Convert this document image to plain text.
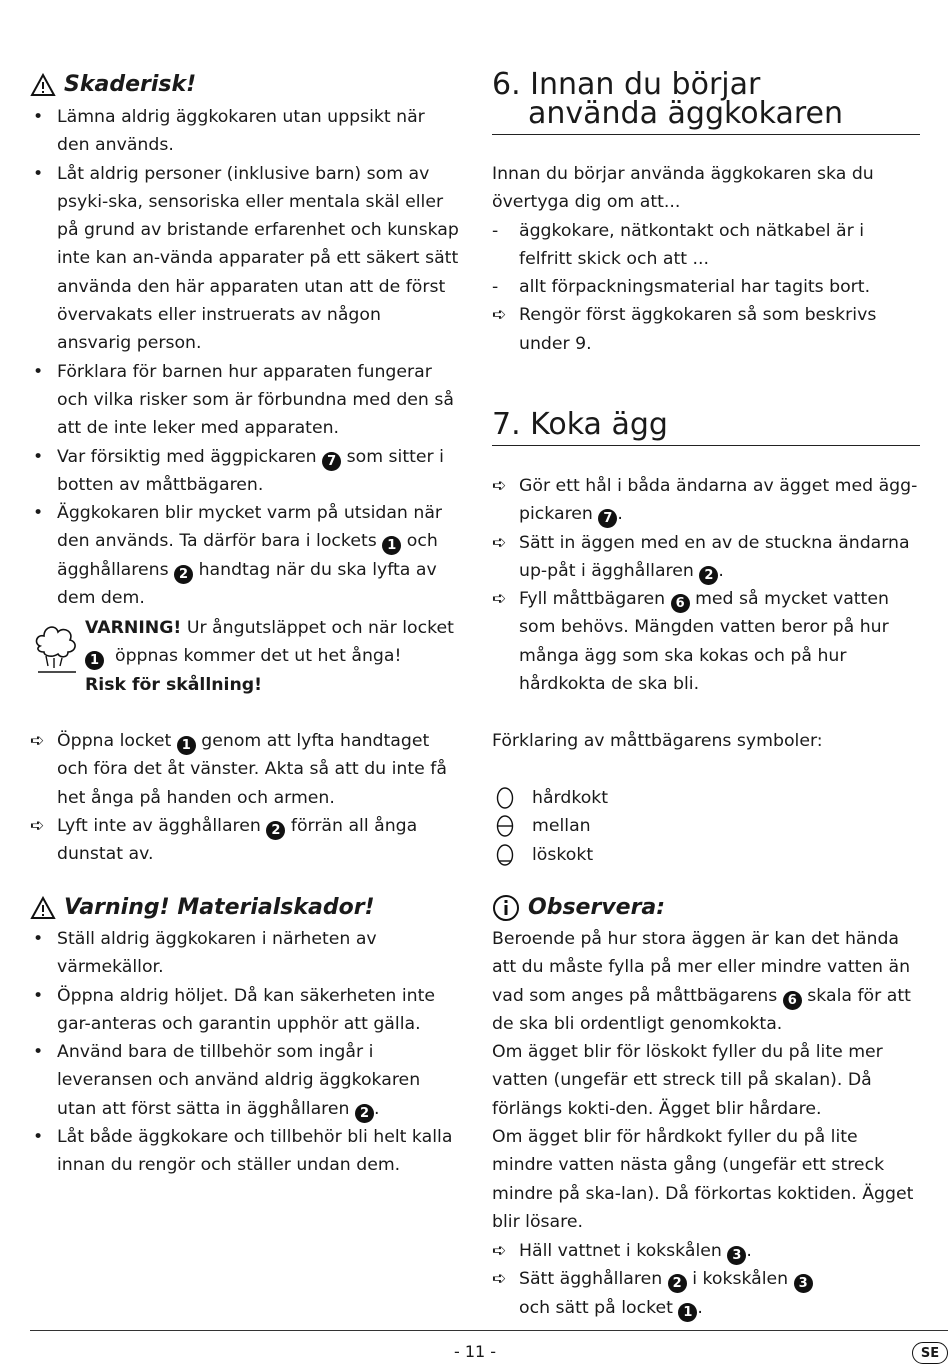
Skaderisk!
• Lämna aldrig äggkokaren utan uppsikt när den används.
• Låt aldrig personer (inklusive barn) som av psyki-ska, sensoriska eller mentala skäl eller på grund av bristande erfarenhet och kunskap inte kan an-vända apparater på ett säkert sätt använda den här apparaten utan att de först övervakats eller instruerats av någon ansvarig person.
• Förklara för barnen hur apparaten fungerar och vilka risker som är förbundna med den så att de inte leker med apparaten.
• Var försiktig med äggpickaren 7 som sitter i botten av måttbägaren.
• Äggkokaren blir mycket varm på utsidan när den används. Ta därför bara i lockets 1 och ägghållarens 2 handtag när du ska lyfta av dem dem.
VARNING! Ur ångutsläppet och när locket
1 öppnas kommer det ut het ånga!
Risk för skållning!
➪ Öppna locket 1 genom att lyfta handtaget och föra det åt vänster. Akta så att du inte få het ånga på handen och armen.
➪ Lyft inte av ägghållaren 2 förrän all ånga dunstat av.
Varning! Materialskador!
• Ställ aldrig äggkokaren i närheten av värmekällor.
• Öppna aldrig höljet. Då kan säkerheten inte gar-anteras och garantin upphör att gälla.
• Använd bara de tillbehör som ingår i leveransen och använd aldrig äggkokaren utan att först sätta in ägghållaren 2 .
• Låt både äggkokare och tillbehör bli helt kalla innan du rengör och ställer undan dem.
6. Innan du börjar
använda äggkokaren
Innan du börjar använda äggkokaren ska du övertyga dig om att...
- äggkokare, nätkontakt och nätkabel är i felfritt skick och att ...
- allt förpackningsmaterial har tagits bort.
➪ Rengör först äggkokaren så som beskrivs under 9.
7. Koka ägg
➪ Gör ett hål i båda ändarna av ägget med ägg-pickaren 7 .
➪ Sätt in äggen med en av de stuckna ändarna up-påt i ägghållaren 2 .
➪ Fyll måttbägaren 6 med så mycket vatten som behövs. Mängden vatten beror på hur många ägg som ska kokas och på hur hårdkokta de ska bli.
Förklaring av måttbägarens symboler:
hårdkokt
mellan
löskokt
Observera:
Beroende på hur stora äggen är kan det hända att du måste fylla på mer eller mindre vatten än vad som anges på måttbägarens 6 skala för att de ska bli ordentligt genomkokta.
Om ägget blir för löskokt fyller du på lite mer vatten (ungefär ett streck till på skalan). Då förlängs kokti-den. Ägget blir hårdare.
Om ägget blir för hårdkokt fyller du på lite mindre vatten nästa gång (ungefär ett streck mindre på ska-lan). Då förkortas koktiden. Ägget blir lösare.
➪ Häll vattnet i kokskålen 3 .
➪ Sätt ägghållaren 2 i kokskålen 3
och sätt på locket 1 .
- 11 -	SE
